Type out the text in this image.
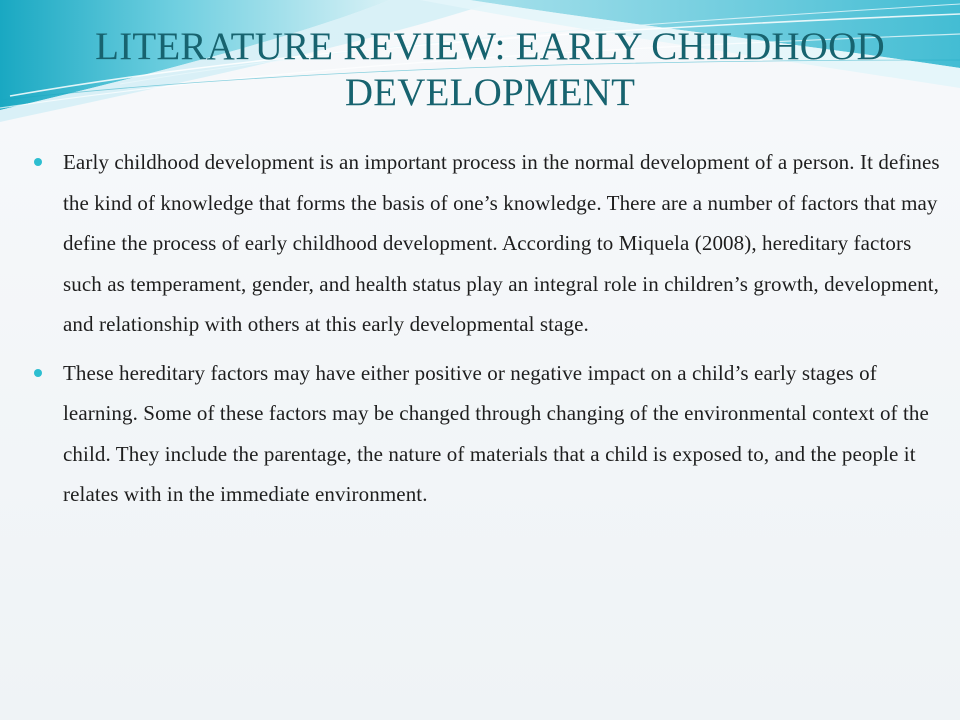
LITERATURE REVIEW: EARLY CHILDHOOD
DEVELOPMENT
Early childhood development is an important process in the normal development of a person. It defines the kind of knowledge that forms the basis of one’s knowledge. There are a number of factors that may define the process of early childhood development. According to Miquela (2008), hereditary factors such as temperament, gender, and health status play an integral role in children’s growth, development, and relationship with others at this early developmental stage.
These hereditary factors may have either positive or negative impact on a child’s early stages of learning. Some of these factors may be changed through changing of the environmental context of the child. They include the parentage, the nature of materials that a child is exposed to, and the people it relates with in the immediate environment.
